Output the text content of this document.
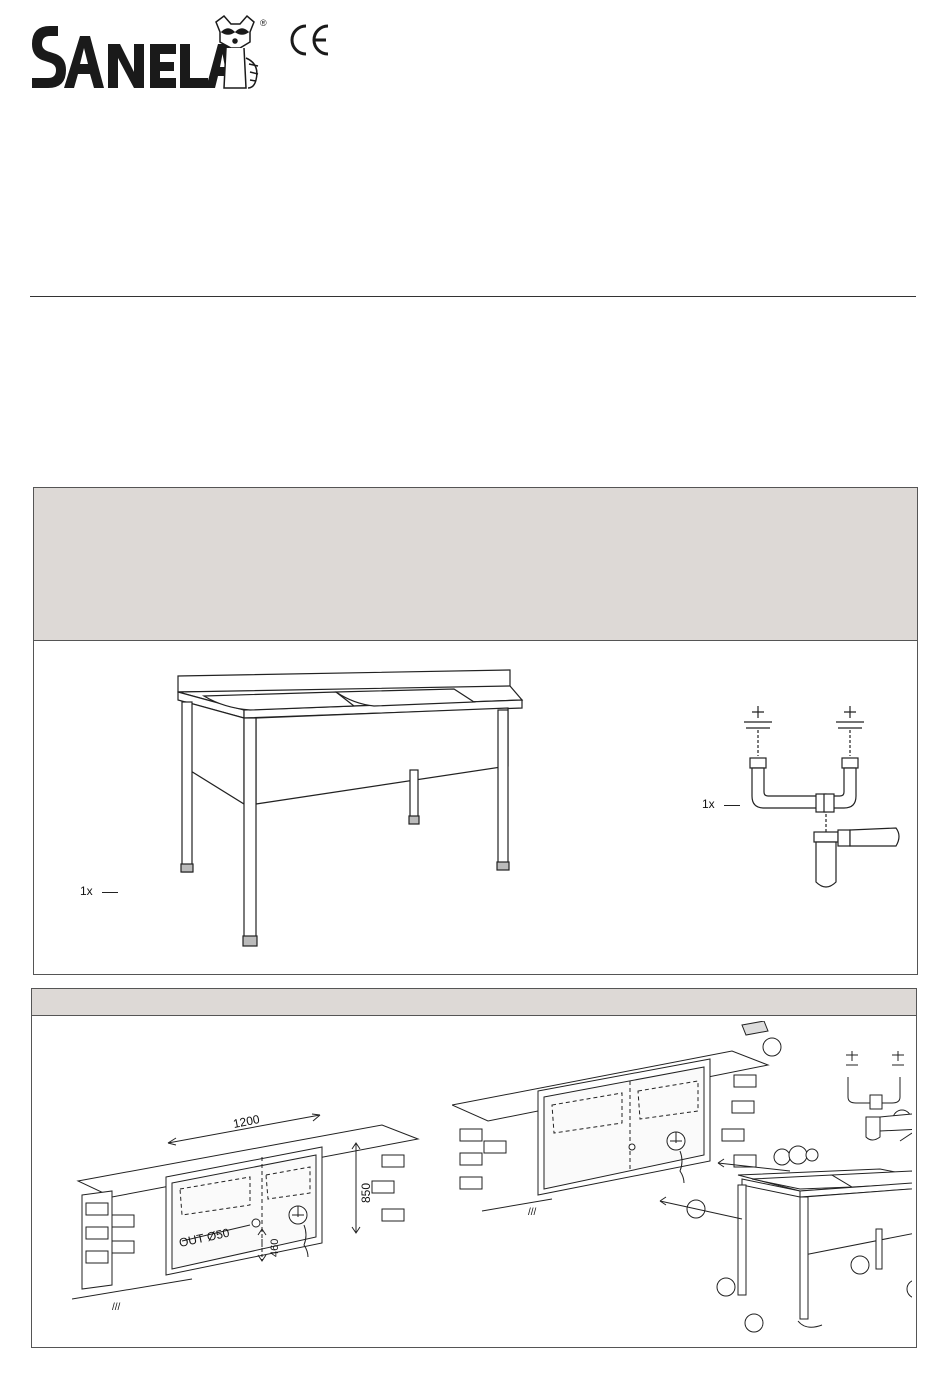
®
1x
1x
1200
850
OUT Ø50	460
///
///
